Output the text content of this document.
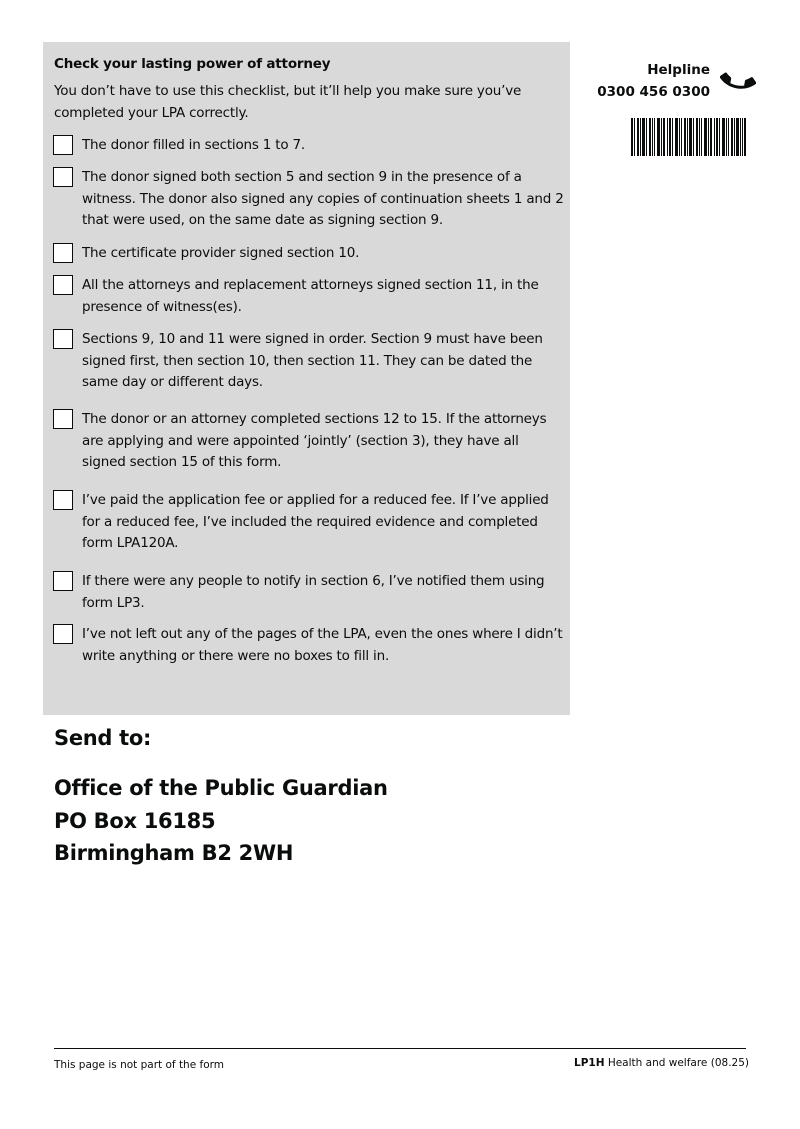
Check your lasting power of attorney
You don’t have to use this checklist, but it’ll help you make sure you’ve completed your LPA correctly.
The donor filled in sections 1 to 7.
The donor signed both section 5 and section 9 in the presence of a witness. The donor also signed any copies of continuation sheets 1 and 2 that were used, on the same date as signing section 9.
The certificate provider signed section 10.
All the attorneys and replacement attorneys signed section 11, in the presence of witness(es).
Sections 9, 10 and 11 were signed in order. Section 9 must have been signed first, then section 10, then section 11. They can be dated the same day or different days.
The donor or an attorney completed sections 12 to 15. If the attorneys are applying and were appointed ‘jointly’ (section 3), they have all signed section 15 of this form.
I’ve paid the application fee or applied for a reduced fee. If I’ve applied for a reduced fee, I’ve included the required evidence and completed form LPA120A.
If there were any people to notify in section 6, I’ve notified them using form LP3.
I’ve not left out any of the pages of the LPA, even the ones where I didn’t write anything or there were no boxes to fill in.
Helpline
0300 456 0300
Send to:
Office of the Public Guardian
PO Box 16185
Birmingham B2 2WH
This page is not part of the form	LP1H Health and welfare (08.25)
